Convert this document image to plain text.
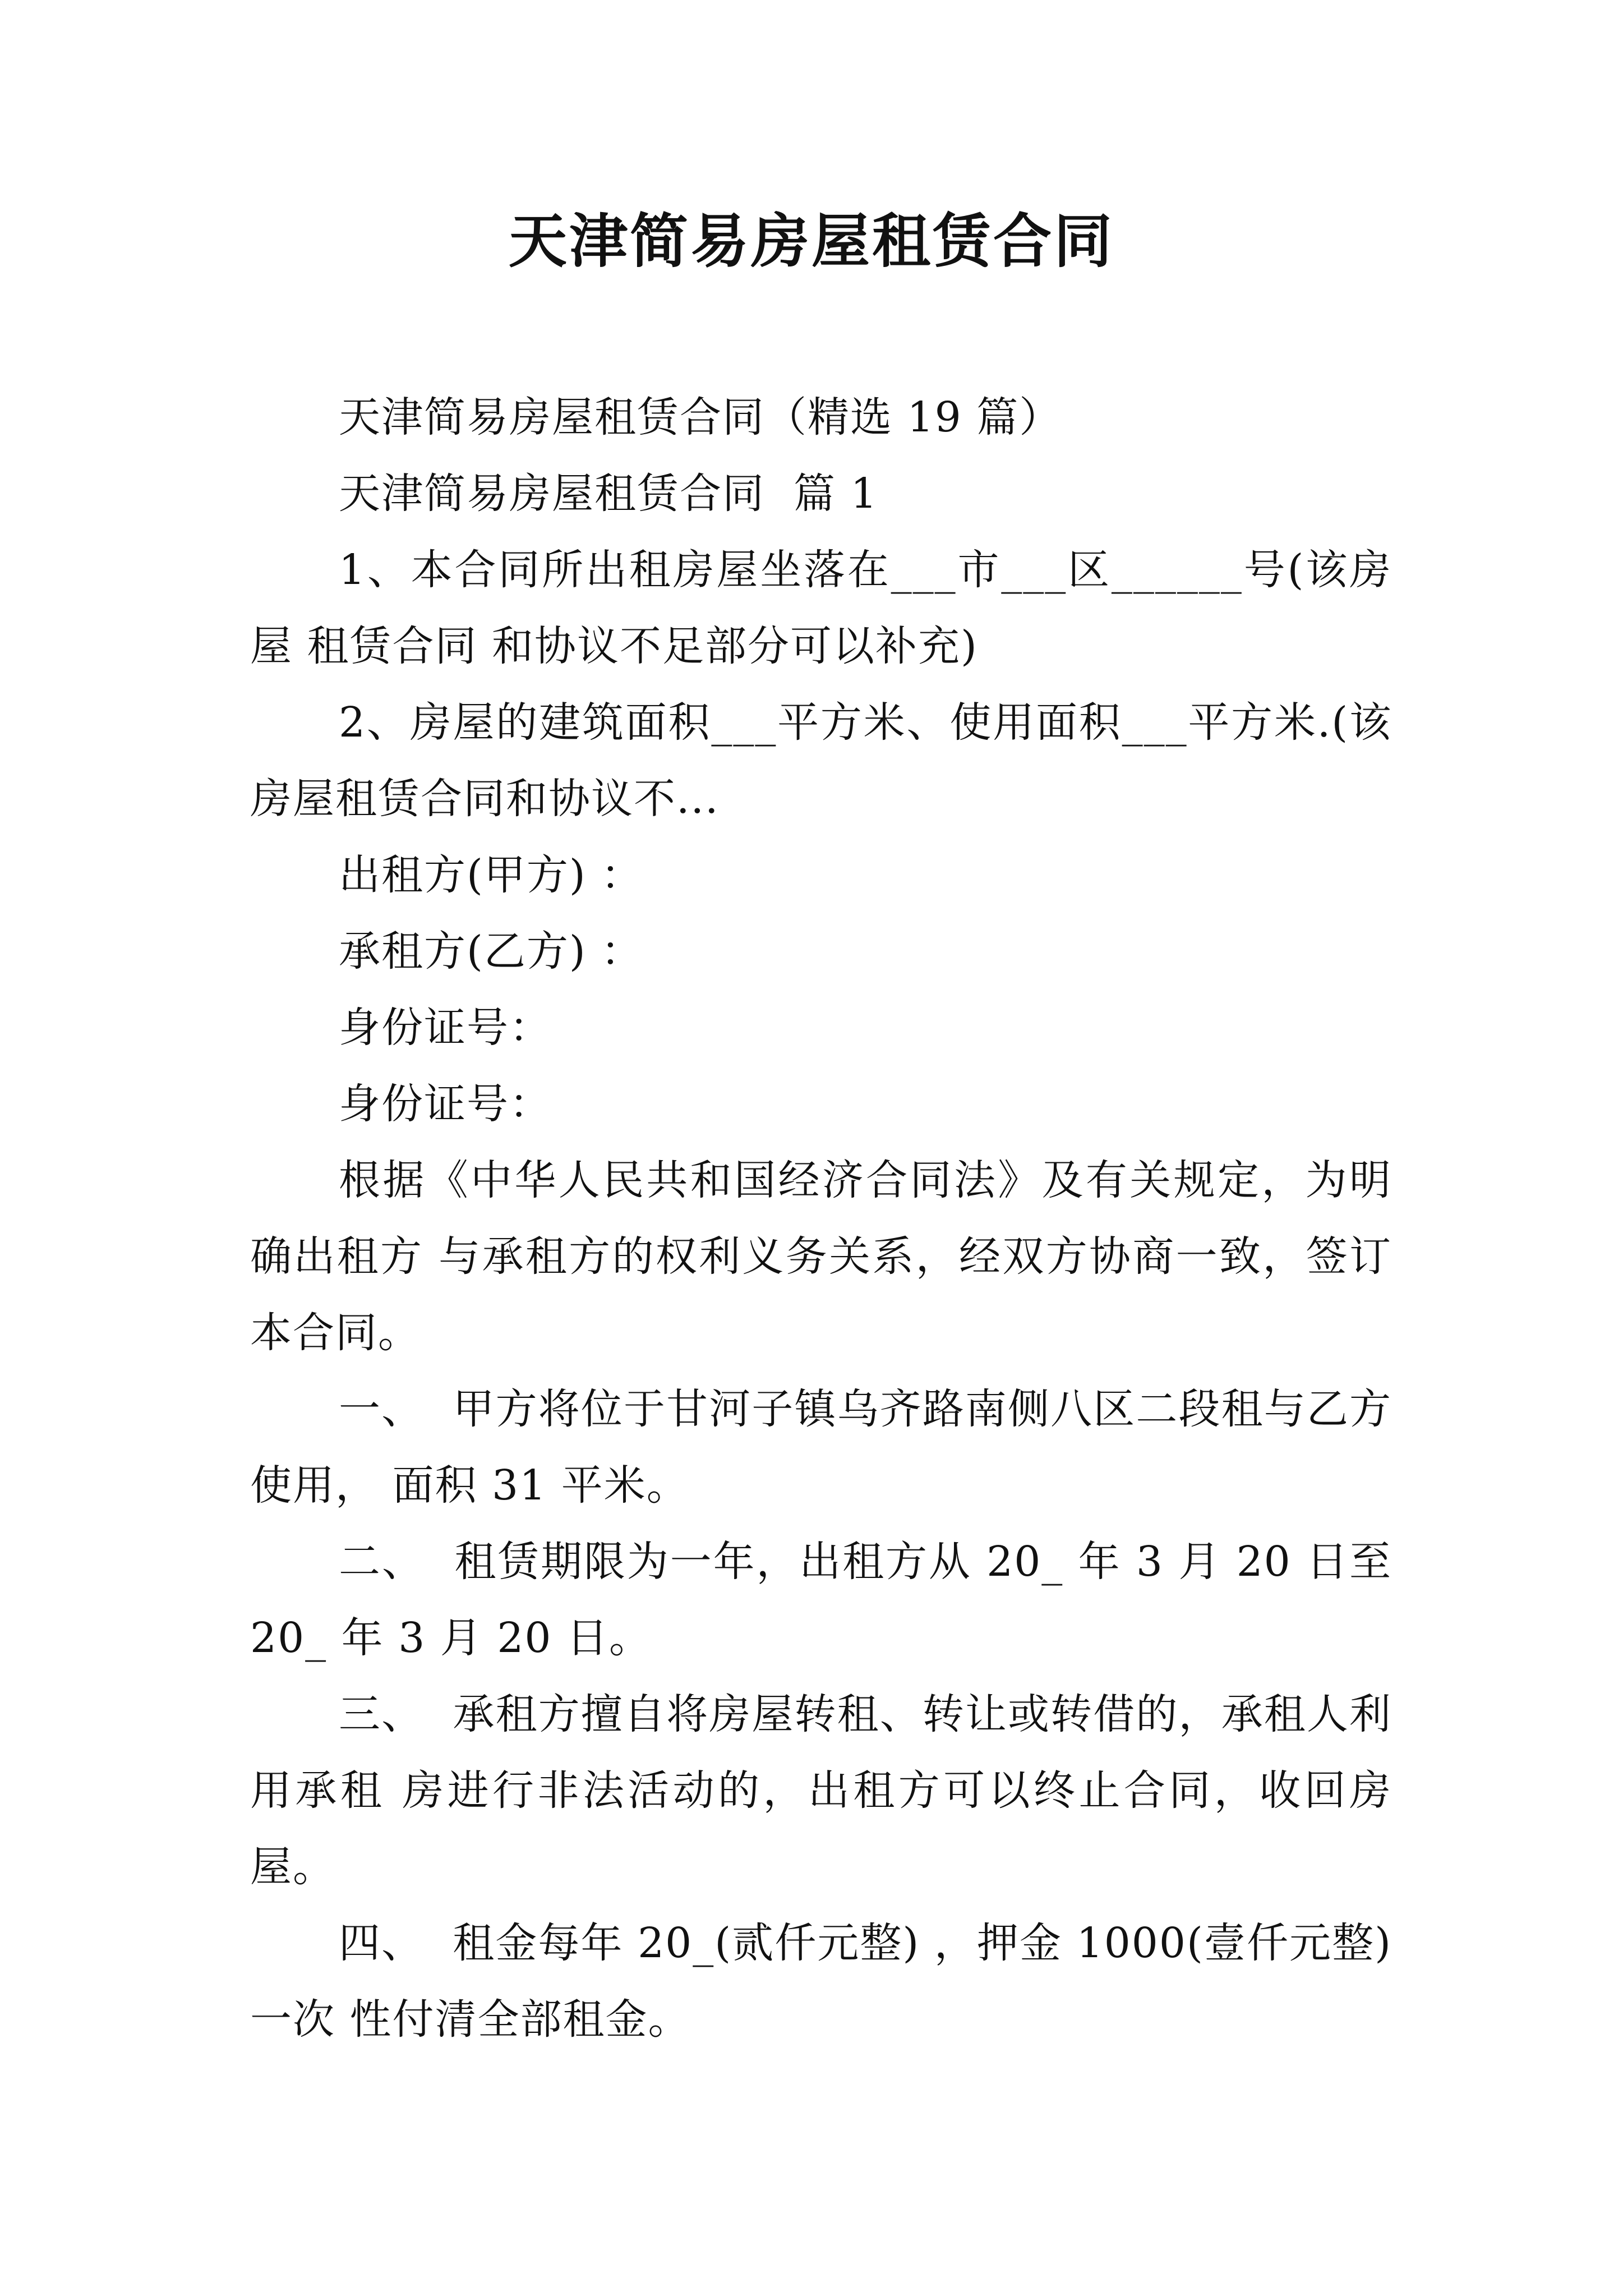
天津简易房屋租赁合同

天津简易房屋租赁合同（精选 19 篇）

天津简易房屋租赁合同  篇 1

1、本合同所出租房屋坐落在___市___区______号(该房屋 租赁合同 和协议不足部分可以补充)

2、房屋的建筑面积___平方米、使用面积___平方米.(该房屋租赁合同和协议不...

出租方(甲方) ：

承租方(乙方) ：

身份证号：

身份证号：

根据《中华人民共和国经济合同法》及有关规定，为明确出租方 与承租方的权利义务关系，经双方协商一致，签订本合同。

一、  甲方将位于甘河子镇乌齐路南侧八区二段租与乙方使用， 面积 31 平米。

二、  租赁期限为一年，出租方从 20_ 年 3 月 20 日至 20_ 年 3 月 20 日。

三、  承租方擅自将房屋转租、转让或转借的，承租人利用承租 房进行非法活动的，出租方可以终止合同，收回房屋。

四、  租金每年 20_(贰仟元整) ，押金 1000(壹仟元整)一次 性付清全部租金。
